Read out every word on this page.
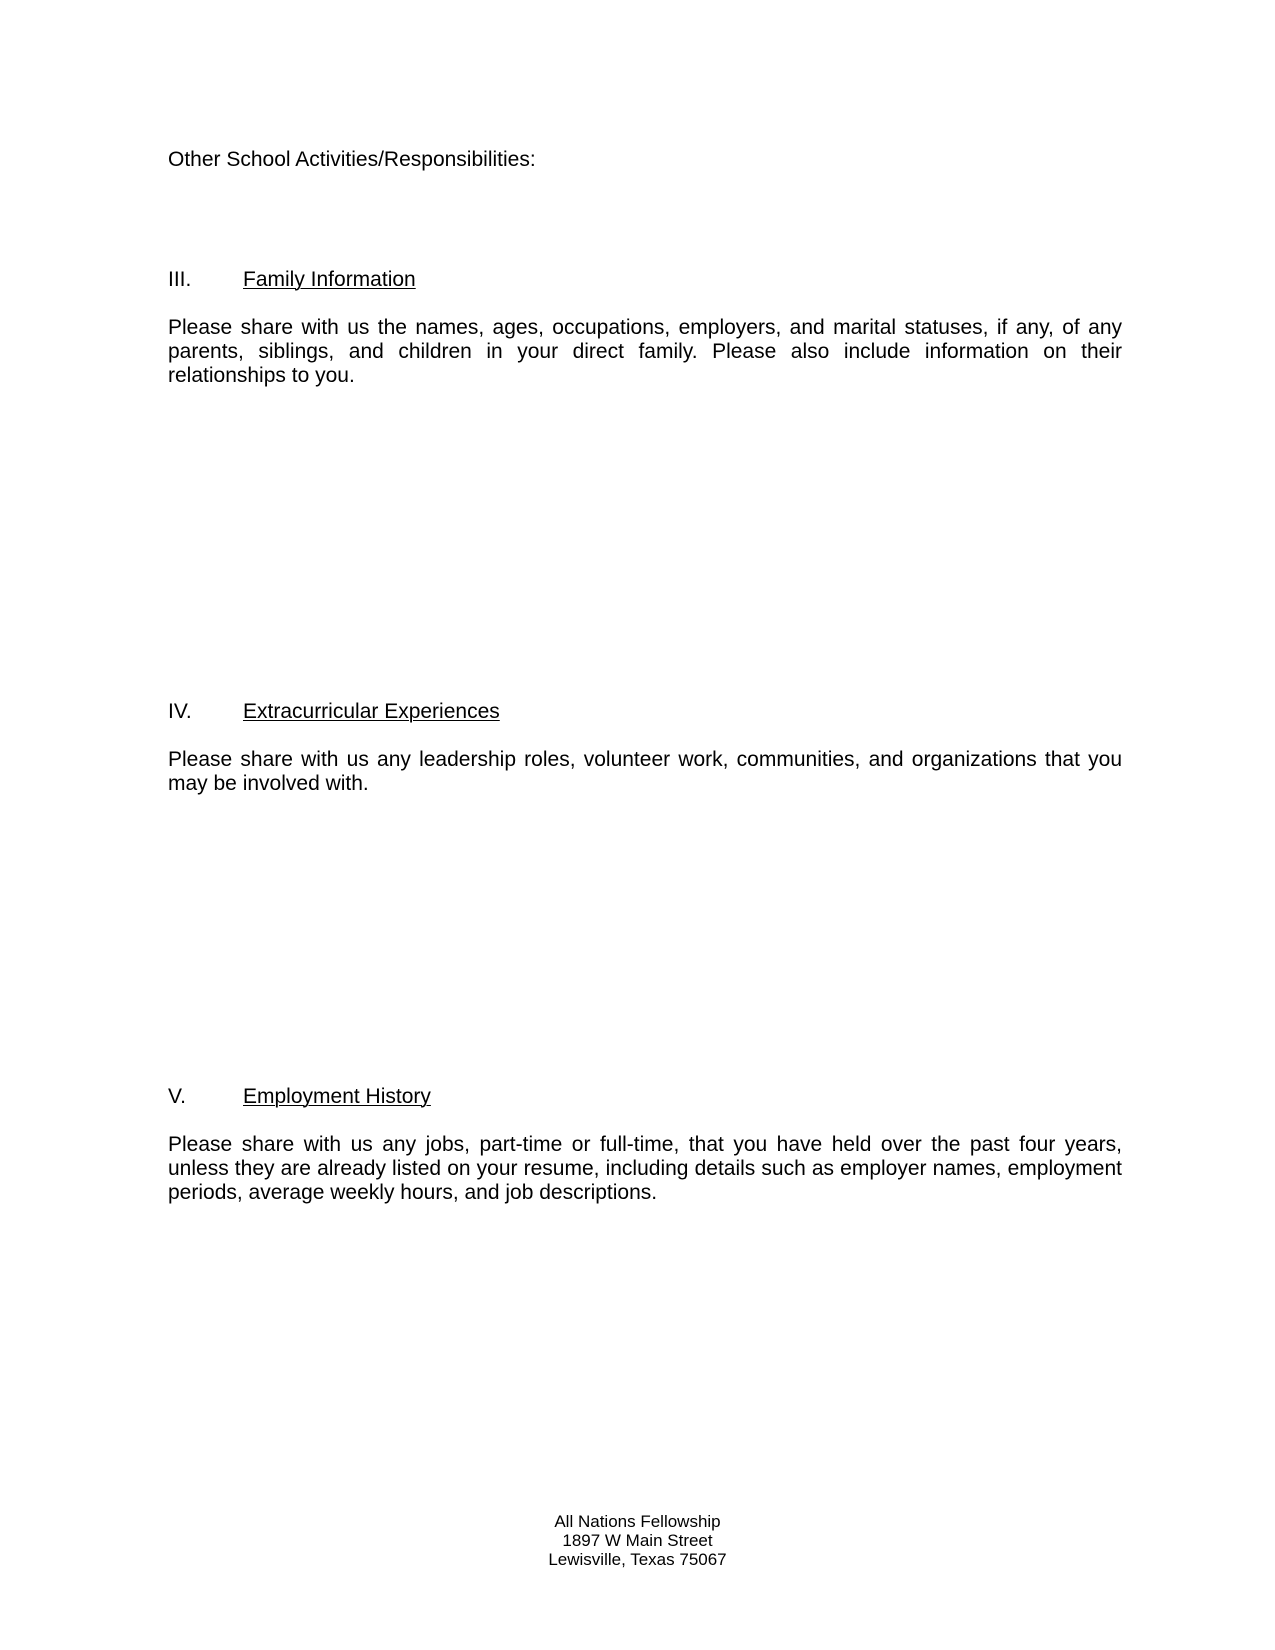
Other School Activities/Responsibilities:
III. Family Information
Please share with us the names, ages, occupations, employers, and marital statuses, if any, of any parents, siblings, and children in your direct family. Please also include information on their relationships to you.
IV. Extracurricular Experiences
Please share with us any leadership roles, volunteer work, communities, and organizations that you may be involved with.
V.	Employment History
Please share with us any jobs, part-time or full-time, that you have held over the past four years, unless they are already listed on your resume, including details such as employer names, employment periods, average weekly hours, and job descriptions.
All Nations Fellowship
1897 W Main Street
Lewisville, Texas 75067
